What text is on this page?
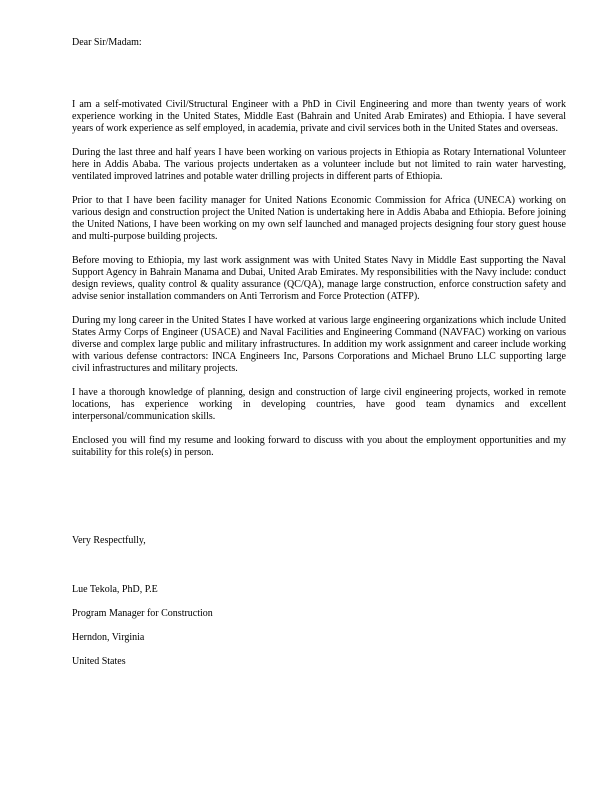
Dear Sir/Madam:

I am a self-motivated Civil/Structural Engineer with a PhD in Civil Engineering and more than twenty years of work experience working in the United States, Middle East (Bahrain and United Arab Emirates) and Ethiopia. I have several years of work experience as self employed, in academia, private and civil services both in the United States and overseas.

During the last three and half years I have been working on various projects in Ethiopia as Rotary International Volunteer here in Addis Ababa. The various projects undertaken as a volunteer include but not limited to rain water harvesting, ventilated improved latrines and potable water drilling projects in different parts of Ethiopia.

Prior to that I have been facility manager for United Nations Economic Commission for Africa (UNECA) working on various design and construction project the United Nation is undertaking here in Addis Ababa and Ethiopia. Before joining the United Nations, I have been working on my own self launched and managed projects designing four story guest house and multi-purpose building projects.

Before moving to Ethiopia, my last work assignment was with United States Navy in Middle East supporting the Naval Support Agency in Bahrain Manama and Dubai, United Arab Emirates. My responsibilities with the Navy include: conduct design reviews, quality control & quality assurance (QC/QA), manage large construction, enforce construction safety and advise senior installation commanders on Anti Terrorism and Force Protection (ATFP).

During my long career in the United States I have worked at various large engineering organizations which include United States Army Corps of Engineer (USACE) and Naval Facilities and Engineering Command (NAVFAC) working on various diverse and complex large public and military infrastructures. In addition my work assignment and career include working with various defense contractors: INCA Engineers Inc, Parsons Corporations and Michael Bruno LLC supporting large civil infrastructures and military projects.

I have a thorough knowledge of planning, design and construction of large civil engineering projects, worked in remote locations, has experience working in developing countries, have good team dynamics and excellent interpersonal/communication skills.

Enclosed you will find my resume and looking forward to discuss with you about the employment opportunities and my suitability for this role(s) in person.

Very Respectfully,

Lue Tekola, PhD, P.E

Program Manager for Construction

Herndon, Virginia

United States
